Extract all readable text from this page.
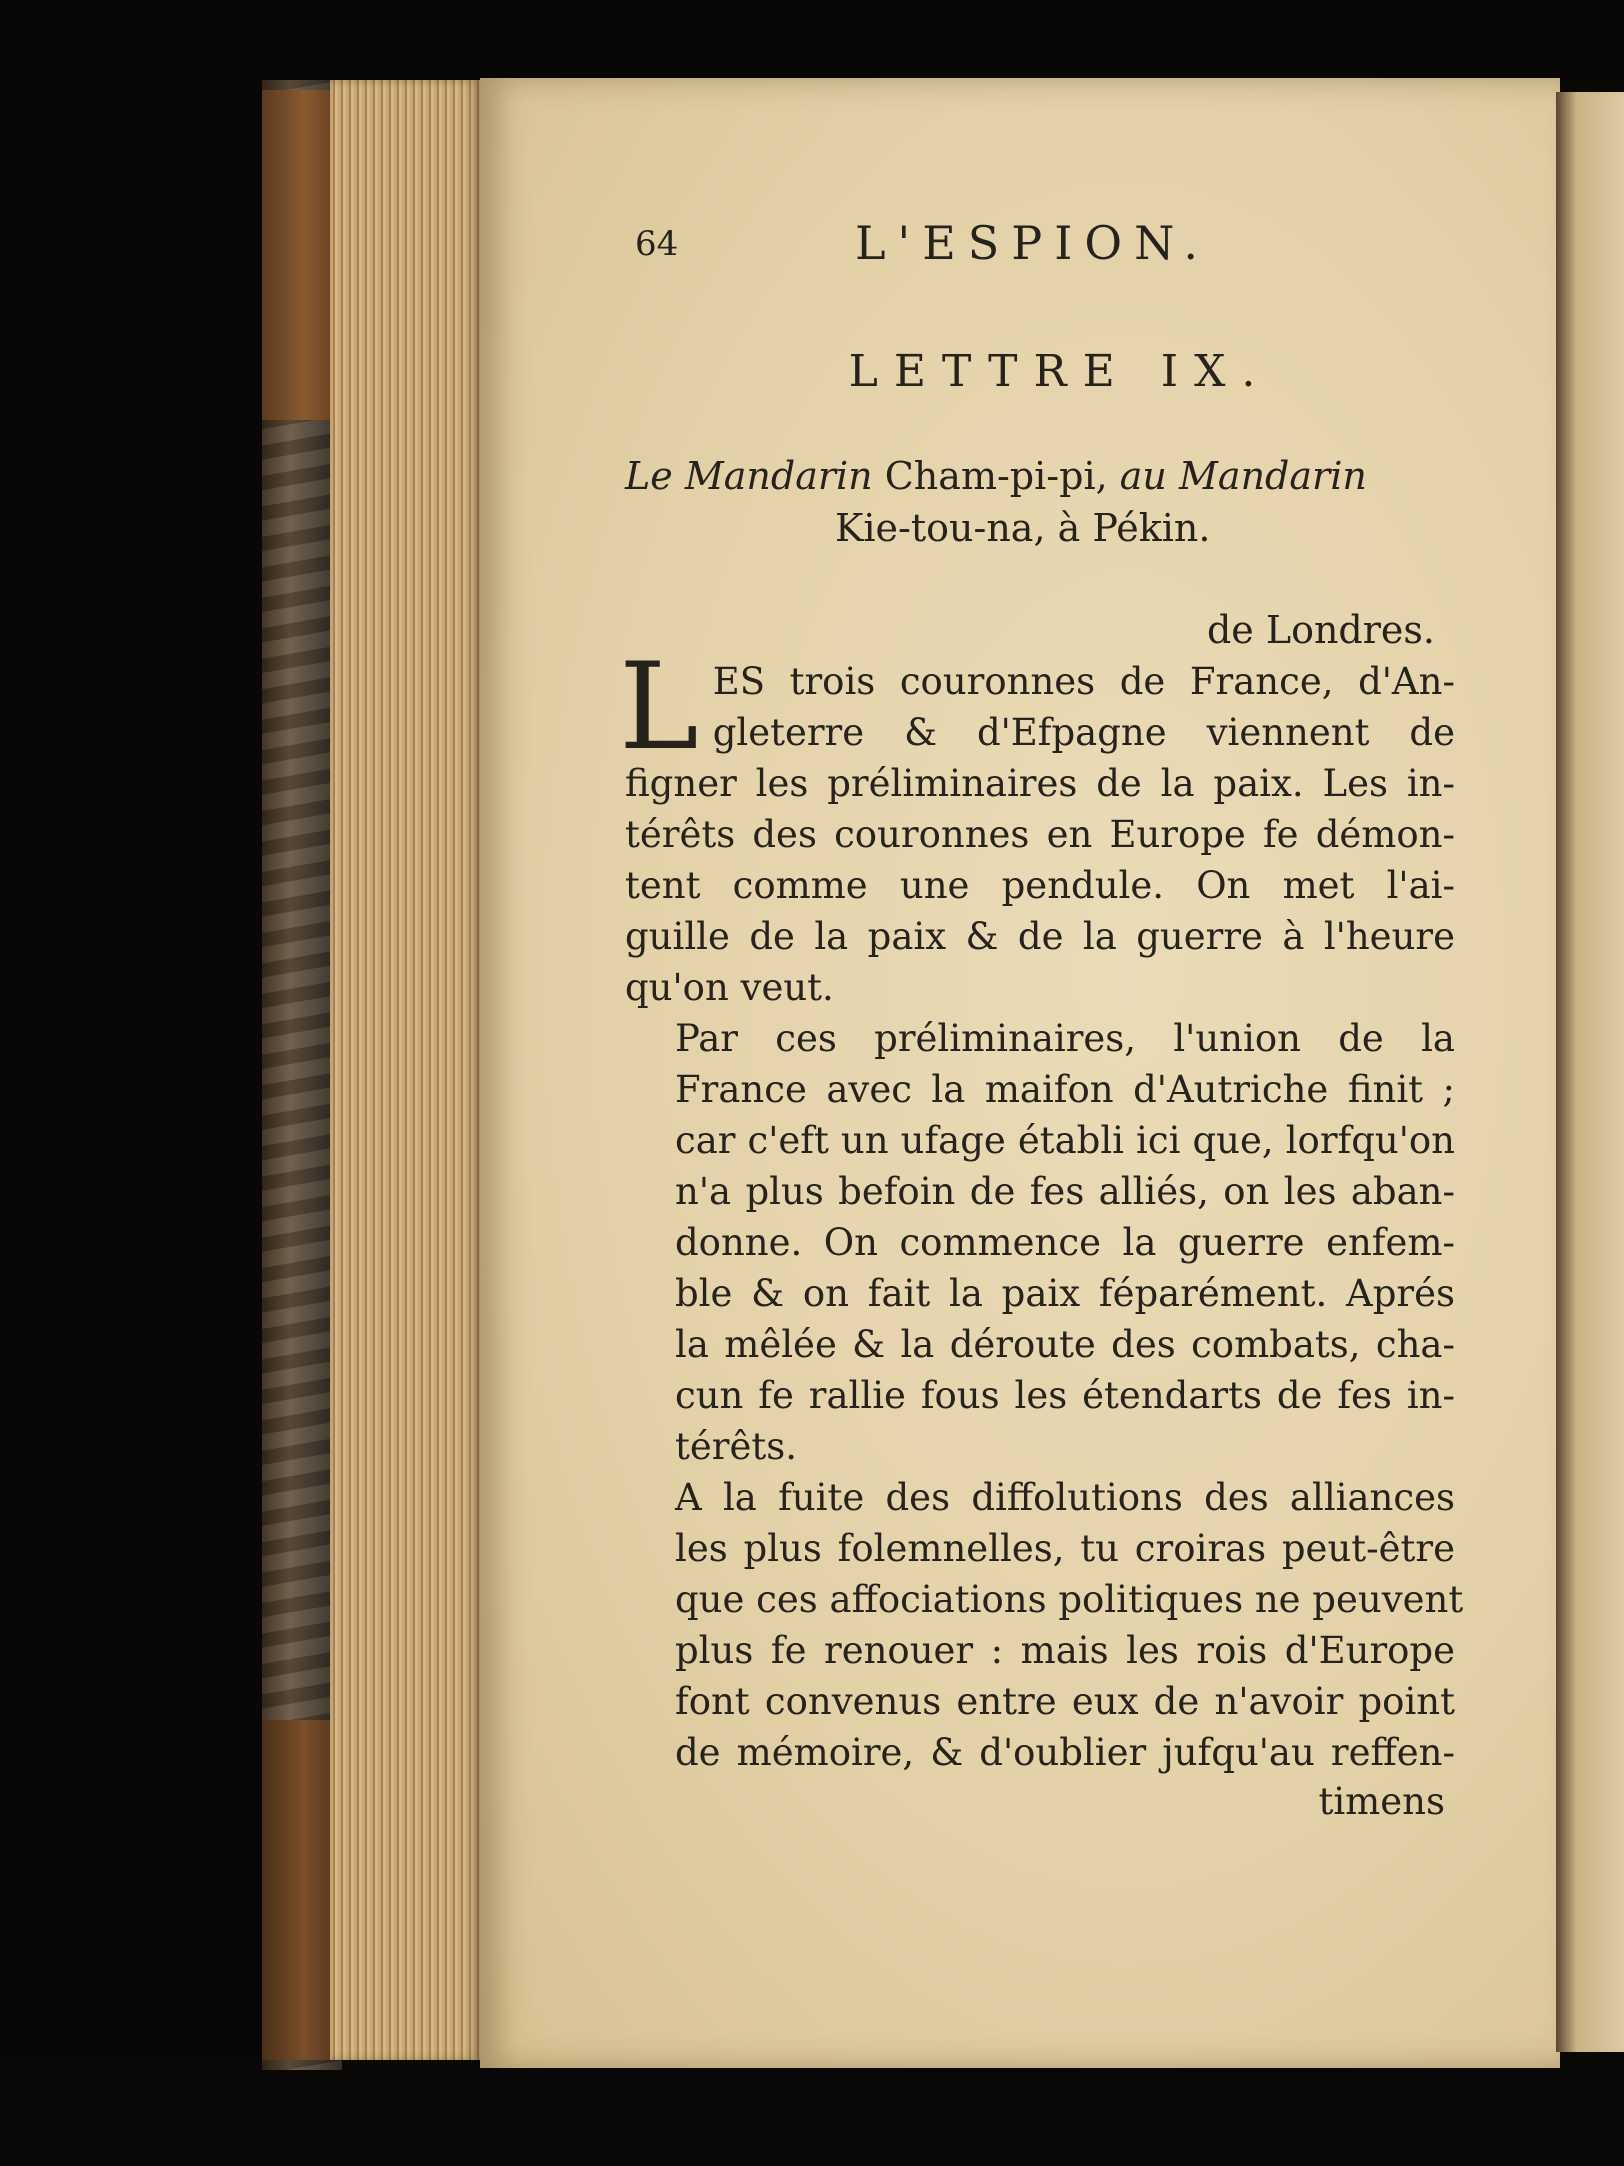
64	L'ESPION.
LETTRE IX.
Le Mandarin Cham-pi-pi, au Mandarin
Kie-tou-na, à Pékin.
de Londres.
L ES trois couronnes de France, d'An-
gleterre & d'Efpagne viennent de
figner les préliminaires de la paix. Les in-
térêts des couronnes en Europe fe démon-
tent comme une pendule. On met l'ai-
guille de la paix & de la guerre à l'heure
qu'on veut.
Par ces préliminaires, l'union de la
France avec la maifon d'Autriche finit ;
car c'eft un ufage établi ici que, lorfqu'on
n'a plus befoin de fes alliés, on les aban-
donne. On commence la guerre enfem-
ble & on fait la paix féparément. Aprés
la mêlée & la déroute des combats, cha-
cun fe rallie fous les étendarts de fes in-
térêts.
A la fuite des diffolutions des alliances
les plus folemnelles, tu croiras peut-être
que ces affociations politiques ne peuvent
plus fe renouer : mais les rois d'Europe
font convenus entre eux de n'avoir point
de mémoire, & d'oublier jufqu'au reffen-
timens
